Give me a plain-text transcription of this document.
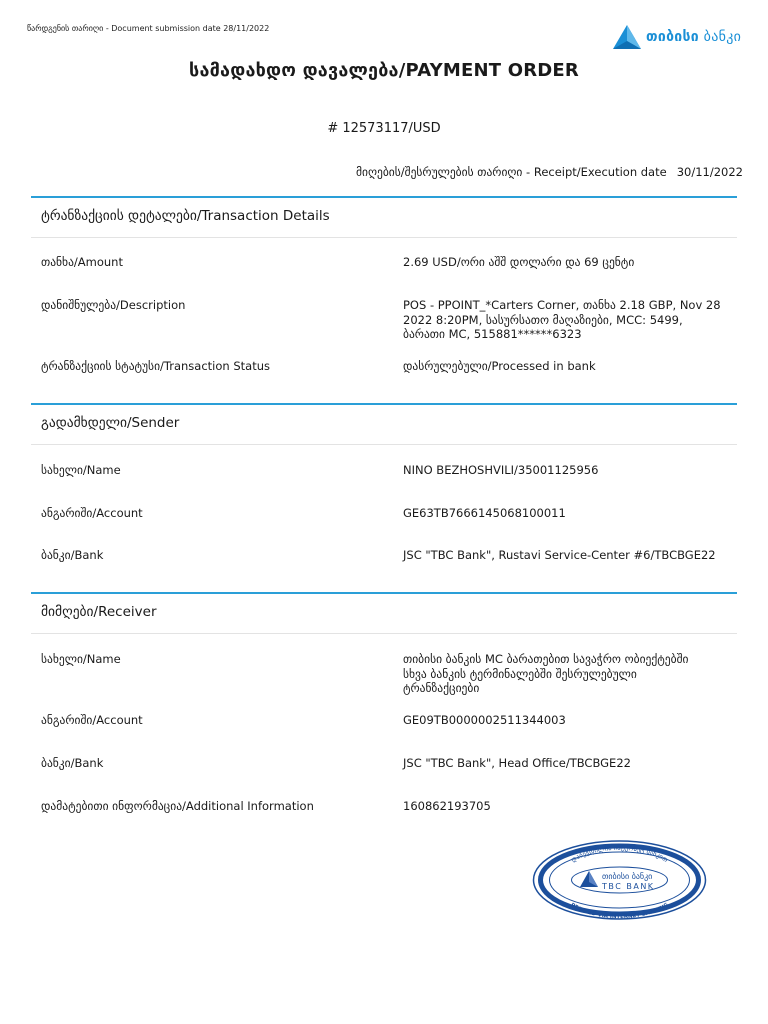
წარდგენის თარიღი - Document submission date 28/11/2022
თიბისი ბანკი
სამადახდო დავალება/PAYMENT ORDER
# 12573117/USD
მიღების/შესრულების თარიღი - Receipt/Execution date 30/11/2022
ტრანზაქციის დეტალები/Transaction Details
თანხა/Amount	2.69 USD/ორი აშშ დოლარი და 69 ცენტი
დანიშნულება/Description	POS - PPOINT_*Carters Corner, თანხა 2.18 GBP, Nov 28
2022 8:20PM, სასურსათო მაღაზიები, MCC: 5499,
ბარათი MC, 515881******6323
ტრანზაქციის სტატუსი/Transaction Status	დასრულებული/Processed in bank
გადამხდელი/Sender
სახელი/Name	NINO BEZHOSHVILI/35001125956
ანგარიში/Account	GE63TB7666145068100011
ბანკი/Bank	JSC "TBC Bank", Rustavi Service-Center #6/TBCBGE22
მიმღები/Receiver
სახელი/Name	თიბისი ბანკის MC ბარათებით სავაჭრო ობიექტებში
სხვა ბანკის ტერმინალებში შესრულებული
ტრანზაქციები
ანგარიში/Account	GE09TB0000002511344003
ბანკი/Bank	JSC "TBC Bank", Head Office/TBCBGE22
დამატებითი ინფორმაცია/Additional Information	160862193705
დაბეჭდილია ინტერნეტ ბანკით
PRINTED VIA INTERNET BANKING
თიბისი ბანკი
TBC BANK
